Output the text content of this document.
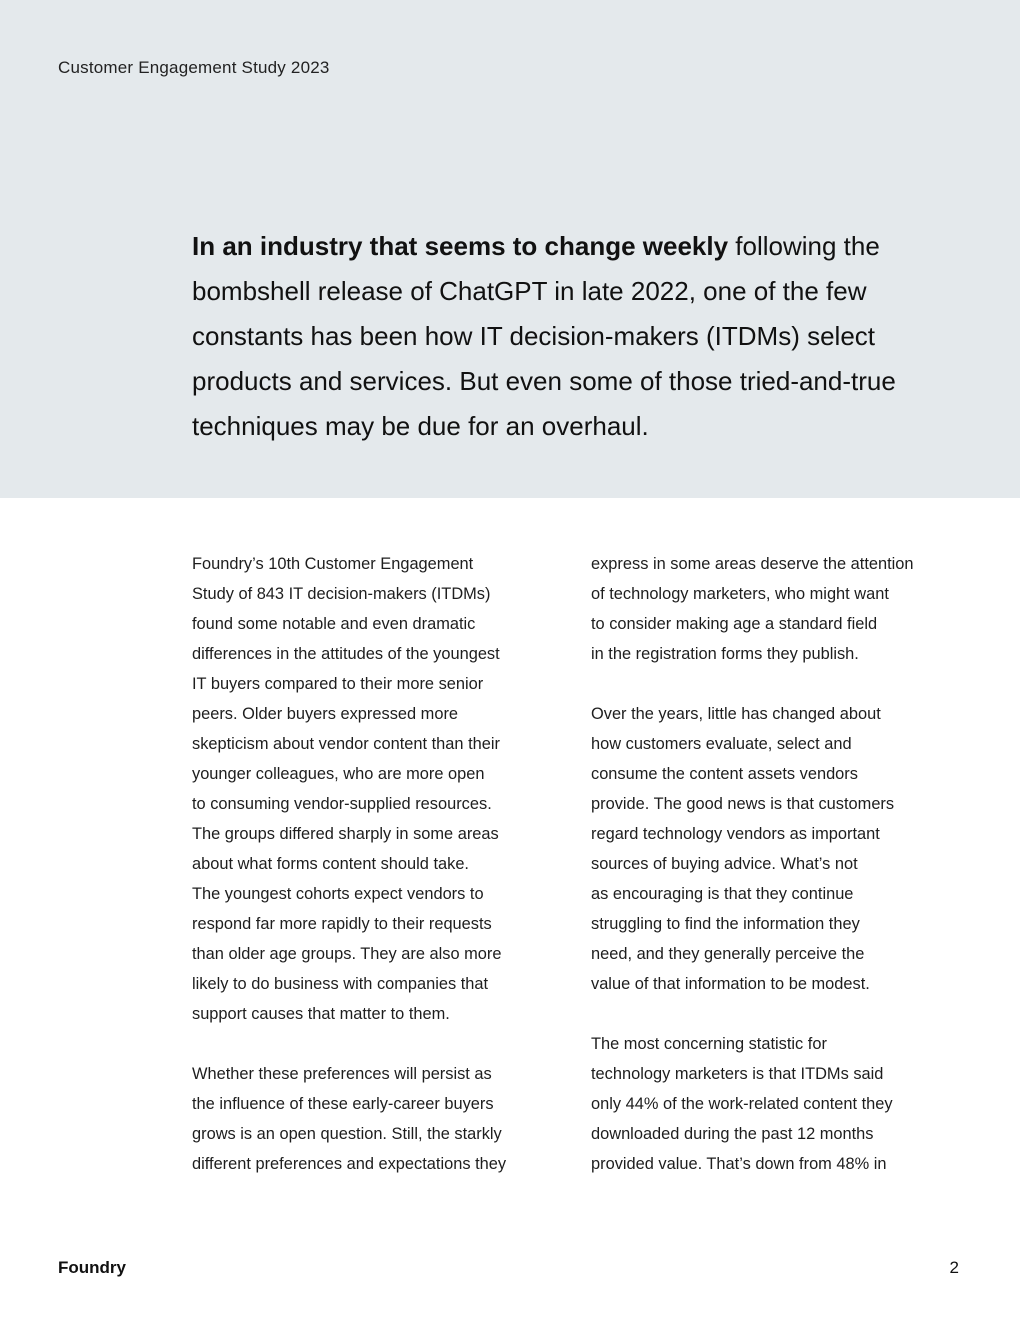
Customer Engagement Study 2023
In an industry that seems to change weekly following the bombshell release of ChatGPT in late 2022, one of the few constants has been how IT decision-makers (ITDMs) select products and services. But even some of those tried-and-true techniques may be due for an overhaul.

Foundry’s 10th Customer Engagement
Study of 843 IT decision-makers (ITDMs)
found some notable and even dramatic
differences in the attitudes of the youngest
IT buyers compared to their more senior
peers. Older buyers expressed more
skepticism about vendor content than their
younger colleagues, who are more open
to consuming vendor-supplied resources.
The groups differed sharply in some areas
about what forms content should take.
The youngest cohorts expect vendors to
respond far more rapidly to their requests
than older age groups. They are also more
likely to do business with companies that
support causes that matter to them.

Whether these preferences will persist as
the influence of these early-career buyers
grows is an open question. Still, the starkly
different preferences and expectations they

express in some areas deserve the attention
of technology marketers, who might want
to consider making age a standard field
in the registration forms they publish.

Over the years, little has changed about
how customers evaluate, select and
consume the content assets vendors
provide. The good news is that customers
regard technology vendors as important
sources of buying advice. What’s not
as encouraging is that they continue
struggling to find the information they
need, and they generally perceive the
value of that information to be modest.

The most concerning statistic for
technology marketers is that ITDMs said
only 44% of the work-related content they
downloaded during the past 12 months
provided value. That’s down from 48% in

Foundry	2
